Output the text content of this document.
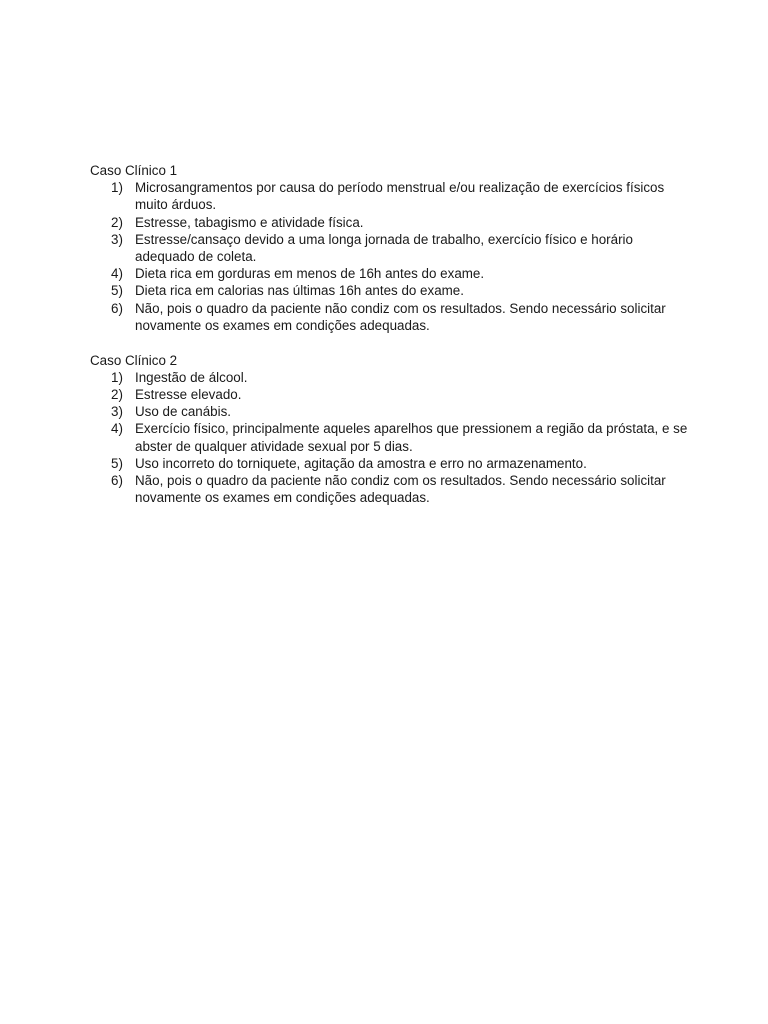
Caso Clínico 1

1) Microsangramentos por causa do período menstrual e/ou realização de exercícios físicos muito árduos.
2) Estresse, tabagismo e atividade física.
3) Estresse/cansaço devido a uma longa jornada de trabalho, exercício físico e horário adequado de coleta.
4) Dieta rica em gorduras em menos de 16h antes do exame.
5) Dieta rica em calorias nas últimas 16h antes do exame.
6) Não, pois o quadro da paciente não condiz com os resultados. Sendo necessário solicitar novamente os exames em condições adequadas.

Caso Clínico 2

1) Ingestão de álcool.
2) Estresse elevado.
3) Uso de canábis.
4) Exercício físico, principalmente aqueles aparelhos que pressionem a região da próstata, e se abster de qualquer atividade sexual por 5 dias.
5) Uso incorreto do torniquete, agitação da amostra e erro no armazenamento.
6) Não, pois o quadro da paciente não condiz com os resultados. Sendo necessário solicitar novamente os exames em condições adequadas.
